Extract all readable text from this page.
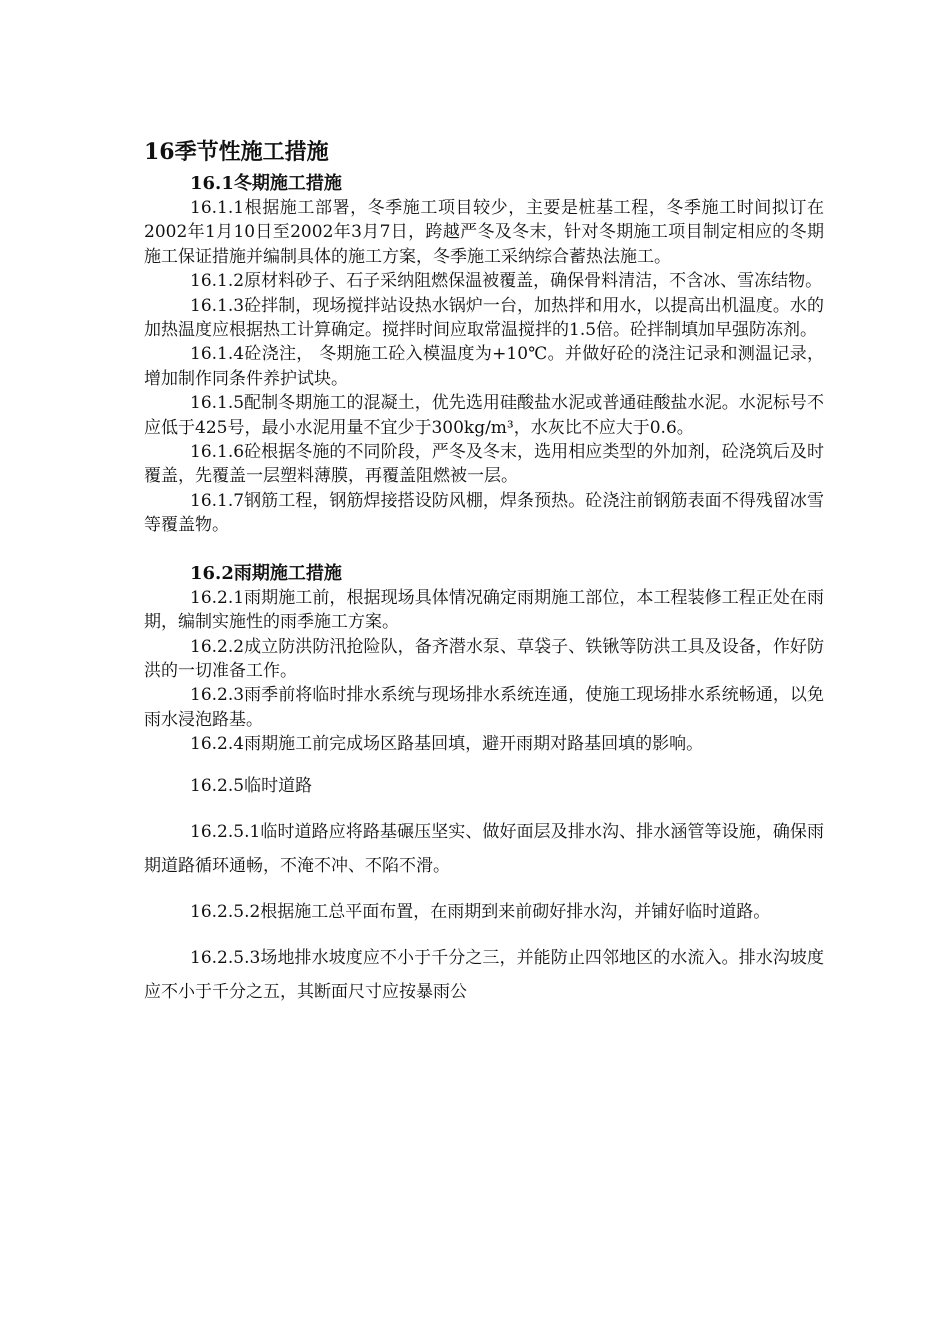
16季节性施工措施
16.1冬期施工措施

16.1.1根据施工部署，冬季施工项目较少，主要是桩基工程，冬季施工时间拟订在2002年1月10日至2002年3月7日，跨越严冬及冬末，针对冬期施工项目制定相应的冬期施工保证措施并编制具体的施工方案，冬季施工采纳综合蓄热法施工。

16.1.2原材料砂子、石子采纳阻燃保温被覆盖，确保骨料清洁，不含冰、雪冻结物。

16.1.3砼拌制，现场搅拌站设热水锅炉一台，加热拌和用水，以提高出机温度。水的加热温度应根据热工计算确定。搅拌时间应取常温搅拌的1.5倍。砼拌制填加早强防冻剂。

16.1.4砼浇注， 冬期施工砼入模温度为+10℃。并做好砼的浇注记录和测温记录，增加制作同条件养护试块。

16.1.5配制冬期施工的混凝土，优先选用硅酸盐水泥或普通硅酸盐水泥。水泥标号不应低于425号，最小水泥用量不宜少于300kg/m³，水灰比不应大于0.6。

16.1.6砼根据冬施的不同阶段，严冬及冬末，选用相应类型的外加剂，砼浇筑后及时覆盖，先覆盖一层塑料薄膜，再覆盖阻燃被一层。

16.1.7钢筋工程，钢筋焊接搭设防风棚，焊条预热。砼浇注前钢筋表面不得残留冰雪等覆盖物。

16.2雨期施工措施

16.2.1雨期施工前，根据现场具体情况确定雨期施工部位，本工程装修工程正处在雨期，编制实施性的雨季施工方案。

16.2.2成立防洪防汛抢险队，备齐潜水泵、草袋子、铁锹等防洪工具及设备，作好防洪的一切准备工作。

16.2.3雨季前将临时排水系统与现场排水系统连通，使施工现场排水系统畅通，以免雨水浸泡路基。

16.2.4雨期施工前完成场区路基回填，避开雨期对路基回填的影响。

16.2.5临时道路

16.2.5.1临时道路应将路基碾压坚实、做好面层及排水沟、排水涵管等设施，确保雨期道路循环通畅，不淹不冲、不陷不滑。

16.2.5.2根据施工总平面布置，在雨期到来前砌好排水沟，并铺好临时道路。

16.2.5.3场地排水坡度应不小于千分之三，并能防止四邻地区的水流入。排水沟坡度应不小于千分之五，其断面尺寸应按暴雨公
